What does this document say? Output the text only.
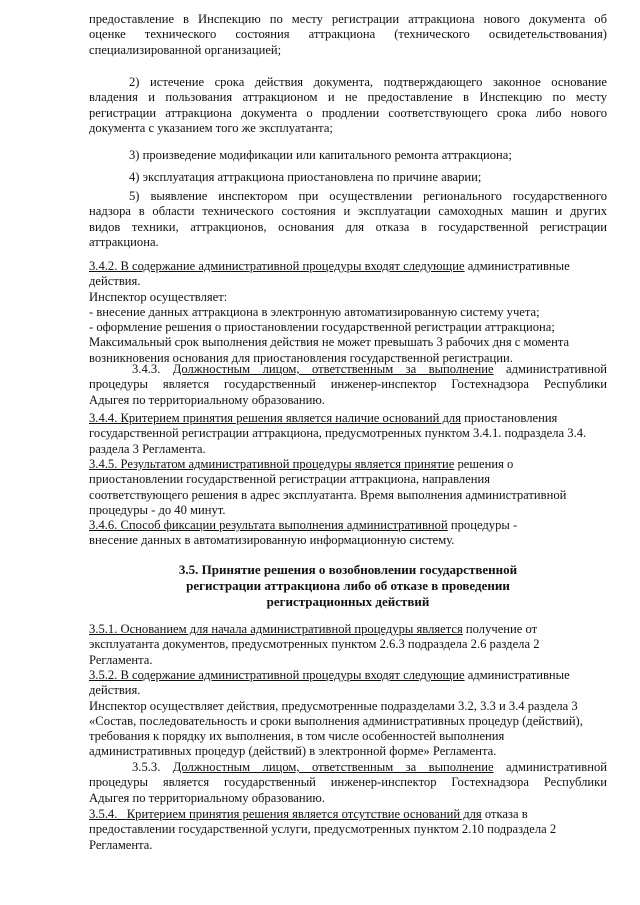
предоставление в Инспекцию по месту регистрации аттракциона нового документа об
оценке технического состояния аттракциона (технического освидетельствования)
специализированной организацией;
2) истечение срока действия документа, подтверждающего законное основание
владения и пользования аттракционом и не предоставление в Инспекцию по месту
регистрации аттракциона документа о продлении соответствующего срока либо нового
документа с указанием того же эксплуатанта;
3) произведение модификации или капитального ремонта аттракциона;
4) эксплуатация аттракциона приостановлена по причине аварии;
5) выявление инспектором при осуществлении регионального государственного
надзора в области технического состояния и эксплуатации самоходных машин и других
видов техники, аттракционов, основания для отказа в государственной регистрации
аттракциона.
3.4.2. В содержание административной процедуры входят следующие административные
действия.
Инспектор осуществляет:
- внесение данных аттракциона в электронную автоматизированную систему учета;
- оформление решения о приостановлении государственной регистрации аттракциона;
Максимальный срок выполнения действия не может превышать 3 рабочих дня с момента
возникновения основания для приостановления государственной регистрации.
3.4.3. Должностным лицом, ответственным за выполнение административной
процедуры является государственный инженер-инспектор Гостехнадзора Республики
Адыгея по территориальному образованию.
3.4.4. Критерием принятия решения является наличие оснований для приостановления
государственной регистрации аттракциона, предусмотренных пунктом 3.4.1. подраздела 3.4.
раздела 3 Регламента.
3.4.5. Результатом административной процедуры является принятие решения о
приостановлении государственной регистрации аттракциона, направления
соответствующего решения в адрес эксплуатанта. Время выполнения административной
процедуры - до 40 минут.
3.4.6. Способ фиксации результата выполнения административной процедуры -
внесение данных в автоматизированную информационную систему.
3.5. Принятие решения о возобновлении государственной
регистрации аттракциона либо об отказе в проведении
регистрационных действий
3.5.1. Основанием для начала административной процедуры является получение от
эксплуатанта документов, предусмотренных пунктом 2.6.3 подраздела 2.6 раздела 2
Регламента.
3.5.2. В содержание административной процедуры входят следующие административные
действия.
Инспектор осуществляет действия, предусмотренные подразделами 3.2, 3.3 и 3.4 раздела 3
«Состав, последовательность и сроки выполнения административных процедур (действий),
требования к порядку их выполнения, в том числе особенностей выполнения
административных процедур (действий) в электронной форме» Регламента.
3.5.3. Должностным лицом, ответственным за выполнение административной
процедуры является государственный инженер-инспектор Гостехнадзора Республики
Адыгея по территориальному образованию.
3.5.4.   Критерием принятия решения является отсутствие оснований для отказа в
предоставлении государственной услуги, предусмотренных пунктом 2.10 подраздела 2
Регламента.
